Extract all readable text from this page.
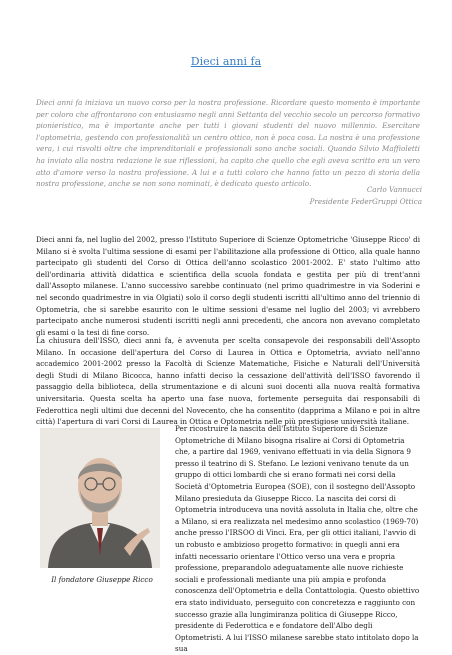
Dieci anni fa

Dieci anni fa iniziava un nuovo corso per la nostra professione. Ricordare questo momento è importante per coloro che affrontarono con entusiasmo negli anni Settanta del vecchio secolo un percorso formativo pionieristico, ma è importante anche per tutti i giovani studenti del nuovo millennio. Esercitare l'optometria, gestendo con professionalità un centro ottico, non è poca cosa. La nostra è una professione vera, i cui risvolti oltre che imprenditoriali e professionali sono anche sociali. Quando Silvio Maffioletti ha inviato alla nostra redazione le sue riflessioni, ha capito che quello che egli aveva scritto era un vero atto d'amore verso la nostra professione. A lui e a tutti coloro che hanno fatto un pezzo di storia della nostra professione, anche se non sono nominati, è dedicato questo articolo.

Carlo Vannucci
Presidente FederGruppi Ottica

Dieci anni fa, nel luglio del 2002, presso l'Istituto Superiore di Scienze Optometriche 'Giuseppe Ricco' di Milano si è svolta l'ultima sessione di esami per l'abilitazione alla professione di Ottico, alla quale hanno partecipato gli studenti del Corso di Ottica dell'anno scolastico 2001-2002. E' stato l'ultimo atto dell'ordinaria attività didattica e scientifica della scuola fondata e gestita per più di trent'anni dall'Assopto milanese. L'anno successivo sarebbe continuato (nel primo quadrimestre in via Soderini e nel secondo quadrimestre in via Olgiati) solo il corso degli studenti iscritti all'ultimo anno del triennio di Optometria, che si sarebbe esaurito con le ultime sessioni d'esame nel luglio del 2003; vi avrebbero partecipato anche numerosi studenti iscritti negli anni precedenti, che ancora non avevano completato gli esami o la tesi di fine corso.

La chiusura dell'ISSO, dieci anni fa, è avvenuta per scelta consapevole dei responsabili dell'Assopto Milano. In occasione dell'apertura del Corso di Laurea in Ottica e Optometria, avviato nell'anno accademico 2001-2002 presso la Facoltà di Scienze Matematiche, Fisiche e Naturali dell'Università degli Studi di Milano Bicocca, hanno infatti deciso la cessazione dell'attività dell'ISSO favorendo il passaggio della biblioteca, della strumentazione e di alcuni suoi docenti alla nuova realtà formativa universitaria. Questa scelta ha aperto una fase nuova, fortemente perseguita dai responsabili di Federottica negli ultimi due decenni del Novecento, che ha consentito (dapprima a Milano e poi in altre città) l'apertura di vari Corsi di Laurea in Ottica e Optometria nelle più prestigiose università italiane.

Il fondatore Giuseppe Ricco

Per ricostruire la nascita dell'Istituto Superiore di Scienze Optometriche di Milano bisogna risalire ai Corsi di Optometria che, a partire dal 1969, venivano effettuati in via della Signora 9 presso il teatrino di S. Stefano. Le lezioni venivano tenute da un gruppo di ottici lombardi che si erano formati nei corsi della Società d'Optometria Europea (SOE), con il sostegno dell'Assopto Milano presieduta da Giuseppe Ricco. La nascita dei corsi di Optometria introduceva una novità assoluta in Italia che, oltre che a Milano, si era realizzata nel medesimo anno scolastico (1969-70) anche presso l'IRSOO di Vinci. Era, per gli ottici italiani, l'avvio di un robusto e ambizioso progetto formativo: in quegli anni era infatti necessario orientare l'Ottico verso una vera e propria professione, preparandolo adeguatamente alle nuove richieste sociali e professionali mediante una più ampia e profonda conoscenza dell'Optometria e della Contattologia. Questo obiettivo era stato individuato, perseguito con concretezza e raggiunto con successo grazie alla lungimiranza politica di Giuseppe Ricco, presidente di Federottica e e fondatore dell'Albo degli Optometristi. A lui l'ISSO milanese sarebbe stato intitolato dopo la sua
